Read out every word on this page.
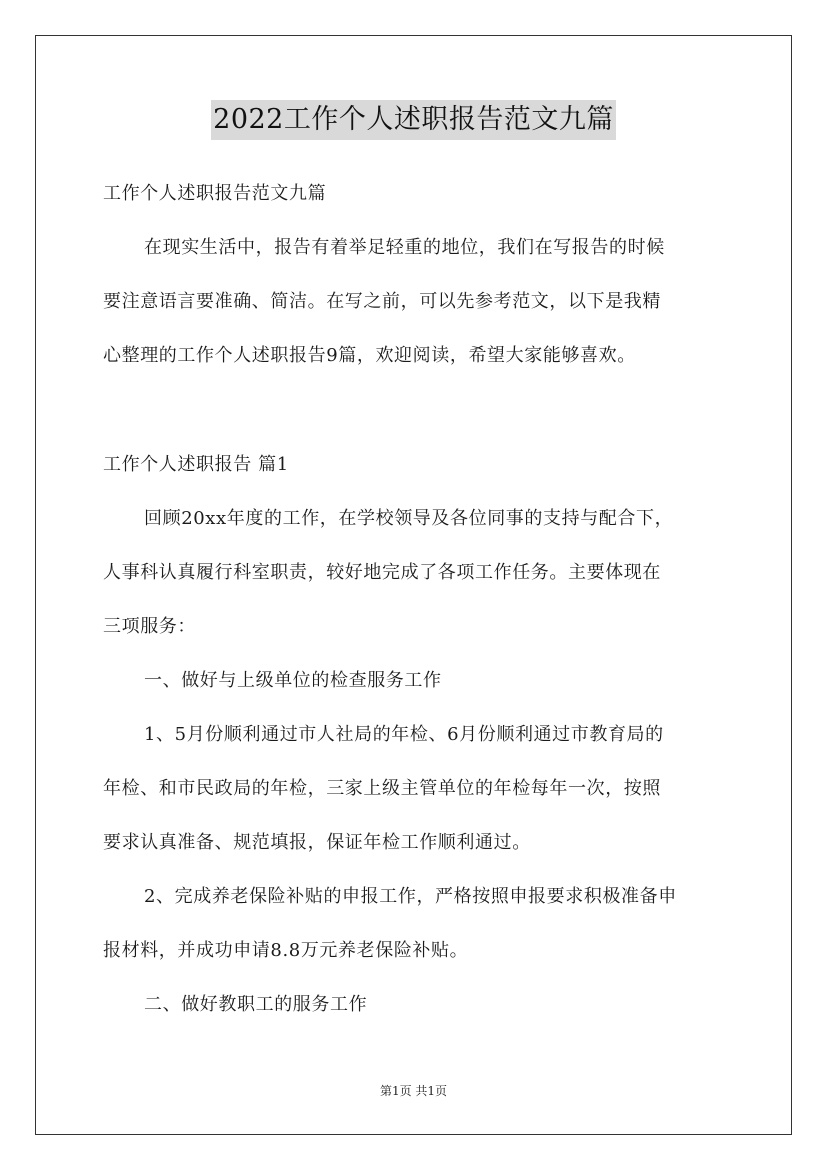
2022工作个人述职报告范文九篇
工作个人述职报告范文九篇
在现实生活中，报告有着举足轻重的地位，我们在写报告的时候
要注意语言要准确、简洁。在写之前，可以先参考范文，以下是我精
心整理的工作个人述职报告9篇，欢迎阅读，希望大家能够喜欢。
工作个人述职报告 篇1
回顾20xx年度的工作，在学校领导及各位同事的支持与配合下，
人事科认真履行科室职责，较好地完成了各项工作任务。主要体现在
三项服务：
一、做好与上级单位的检查服务工作
1、5月份顺利通过市人社局的年检、6月份顺利通过市教育局的
年检、和市民政局的年检，三家上级主管单位的年检每年一次，按照
要求认真准备、规范填报，保证年检工作顺利通过。
2、完成养老保险补贴的申报工作，严格按照申报要求积极准备申
报材料，并成功申请8.8万元养老保险补贴。
二、做好教职工的服务工作
第1页 共1页
